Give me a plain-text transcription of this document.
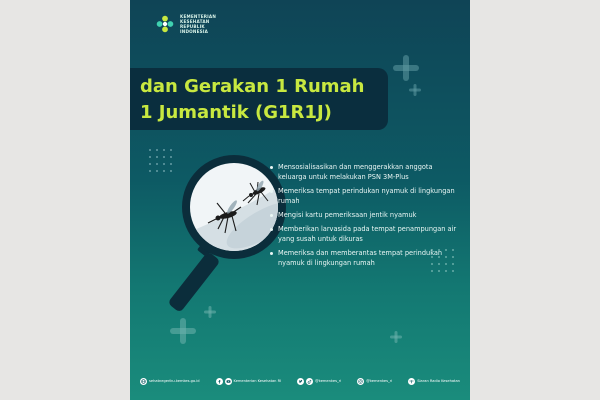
KEMENTERIAN
KESEHATAN
REPUBLIK
INDONESIA
dan Gerakan 1 Rumah
1 Jumantik (G1R1J)
Mensosialisasikan dan menggerakkan anggota keluarga untuk melakukan PSN 3M-Plus
Memeriksa tempat perindukan nyamuk di lingkungan rumah
Mengisi kartu pemeriksaan jentik nyamuk
Memberikan larvasida pada tempat penampungan air yang susah untuk dikuras
Memeriksa dan memberantas tempat perindukan nyamuk di lingkungan rumah
sehatnegeriku.kemkes.go.id	Kementerian Kesehatan RI	@kemenkes_ri	@kemenkes_ri	Siaran Radio Kesehatan
